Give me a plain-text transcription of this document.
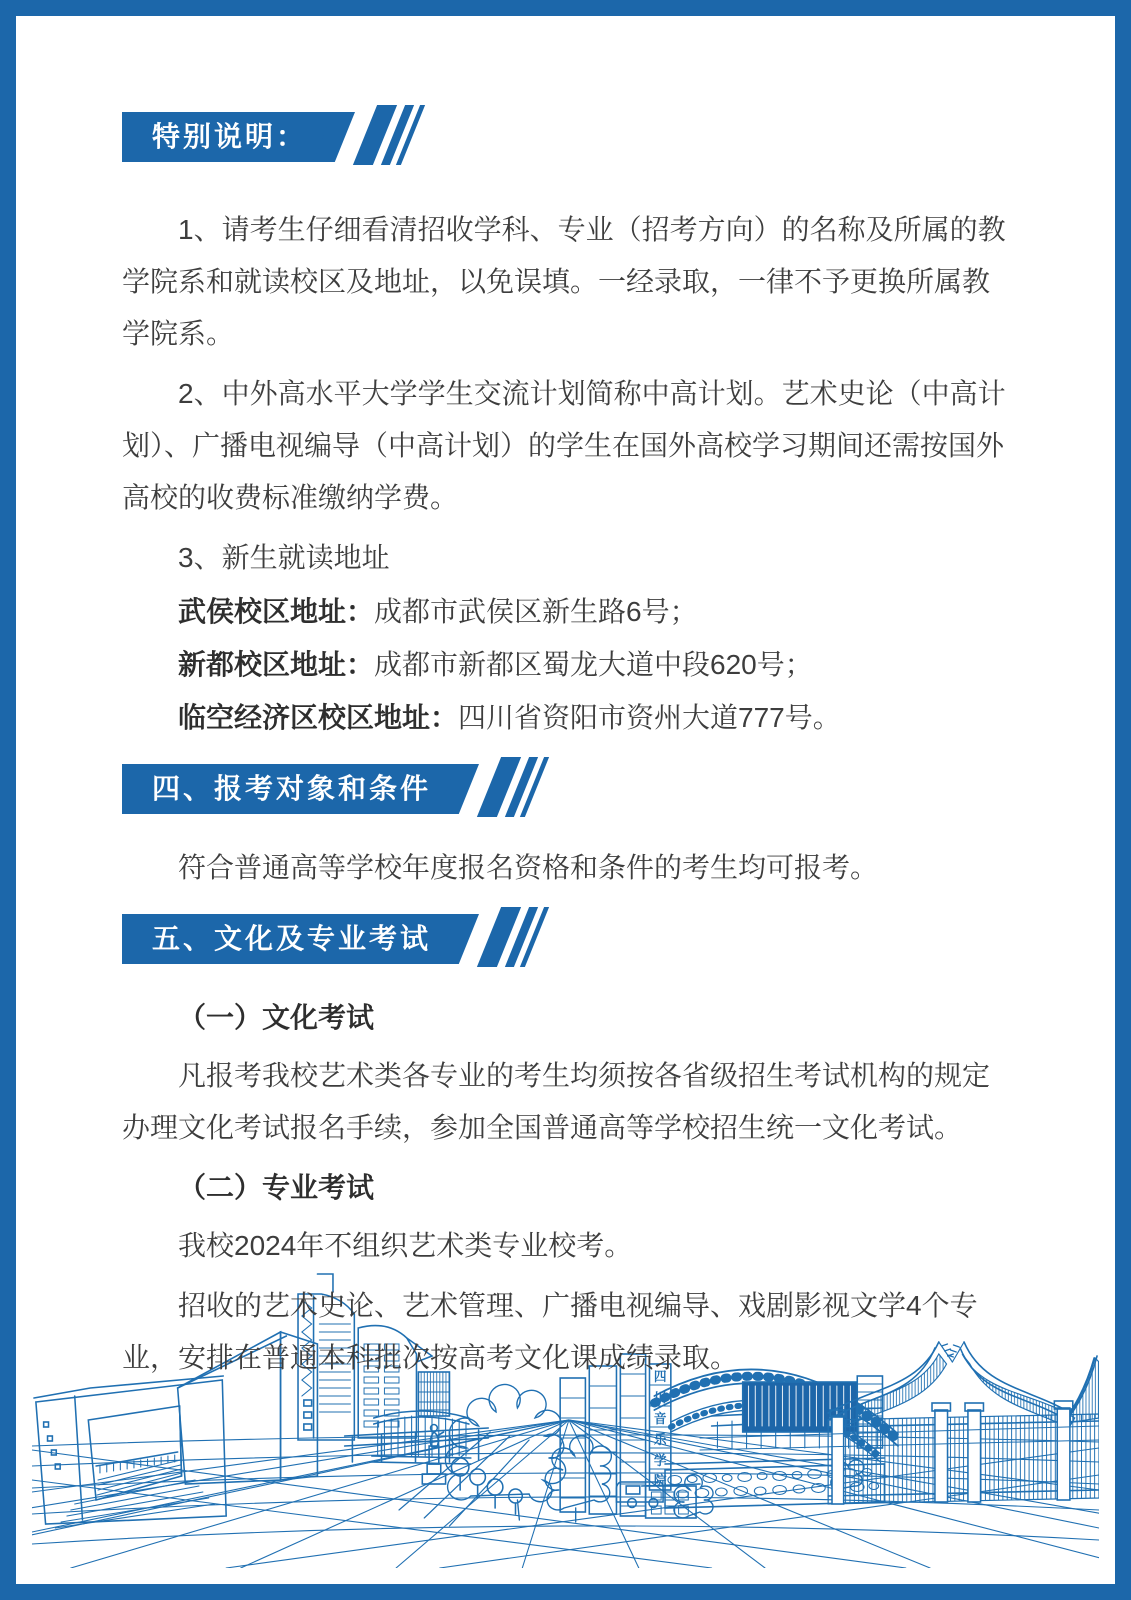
特别说明：

1、请考生仔细看清招收学科、专业（招考方向）的名称及所属的教学院系和就读校区及地址，以免误填。一经录取，一律不予更换所属教学院系。

2、中外高水平大学学生交流计划简称中高计划。艺术史论（中高计划）、广播电视编导（中高计划）的学生在国外高校学习期间还需按国外高校的收费标准缴纳学费。

3、新生就读地址

武侯校区地址：成都市武侯区新生路6号；

新都校区地址：成都市新都区蜀龙大道中段620号；

临空经济区校区地址：四川省资阳市资州大道777号。

四、报考对象和条件

符合普通高等学校年度报名资格和条件的考生均可报考。

五、文化及专业考试

（一）文化考试

凡报考我校艺术类各专业的考生均须按各省级招生考试机构的规定办理文化考试报名手续，参加全国普通高等学校招生统一文化考试。

（二）专业考试

我校2024年不组织艺术类专业校考。

招收的艺术史论、艺术管理、广播电视编导、戏剧影视文学4个专业，安排在普通本科批次按高考文化课成绩录取。

四
川
音
乐
学
院
